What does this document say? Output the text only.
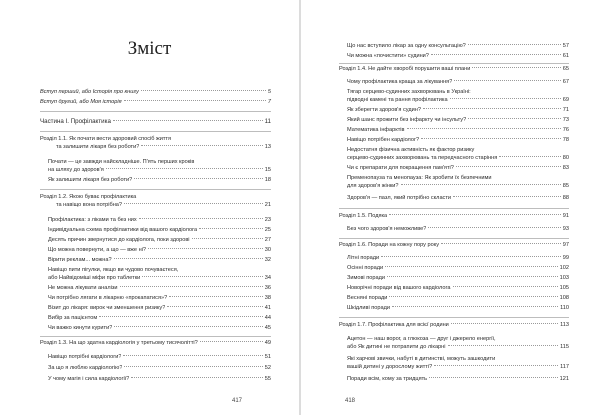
Зміст
Вступ перший, або Історія про книгу	5
Вступ другий, або Моя історія	7
Частина I. Профілактика	11
Розділ 1.1. Як почати вести здоровий спосіб життя
та залишити лікаря без роботи?	13
Почати — це завжди найскладніше. П'ять перших кроків
на шляху до здоров'я	15
Як залишити лікаря без роботи?	18
Розділ 1.2. Якою буває профілактика
та навіщо вона потрібна?	21
Профілактика: з ліками та без них	23
Індивідуальна схема профілактики від вашого кардіолога	25
Десять причин звернутися до кардіолога, поки здорові	27
Що можна повернути, а що — вже ні?	30
Вірити реклам... можна?	32
Навіщо пити пігулки, якщо ви чудово почуваєтеся,
або Найвідоміші міфи про таблетки	34
Не можна лікувати аналізи	36
Чи потрібно лягати в лікарню «прокапатися»?	38
Візит до лікаря: вирок чи зменшення ризику?	41
Вибір за пацієнтом	44
Чи важко кинути курити?	45
Розділ 1.3. На що здатна кардіологія у третьому тисячолітті?	49
Навіщо потрібні кардіологи?	51
За що я люблю кардіологію?	52
У чому магія і сила кардіології?	55
417
Що нас вступило лікар за одну консультацію?	57
Чи можна «почистити» судини?	61
Розділ 1.4. Не дайте хворобі порушити ваші плани	65
Чому профілактика краща за лікування?	67
Тягар серцево-судинних захворювань в Україні:
підводні камені та рання профілактика	69
Як зберегти здоров'я судин?	71
Який шанс прожити без інфаркту чи інсульту?	73
Математика інфарктів	76
Навіщо потрібен кардіолог?	78
Недостатня фізична активність як фактор ризику
серцево-судинних захворювань та передчасного старіння	80
Чи є препарати для покращення пам'яті?	83
Пременопауза та менопауза: Як зробити їх безпечними
для здоров'я жінки?	85
Здоров'я — пазл, який потрібно скласти	88
Розділ 1.5. Подяка	91
Без чого здоров'я неможливе?	93
Розділ 1.6. Поради на кожну пору року	97
Літні поради	99
Осінні поради	102
Зимові поради	103
Новорічні поради від вашого кардіолога	105
Весняні поради	108
Шкідливі поради	110
Розділ 1.7. Профілактика для всієї родини	113
Ацетон — наш ворог, а глюкоза — друг і джерело енергії,
або Як дитині не потрапити до лікарні	115
Які харчові звички, набуті в дитинстві, можуть зашкодити
вашій дитині у дорослому житті?	117
Поради всім, кому за тридцять	121
418
